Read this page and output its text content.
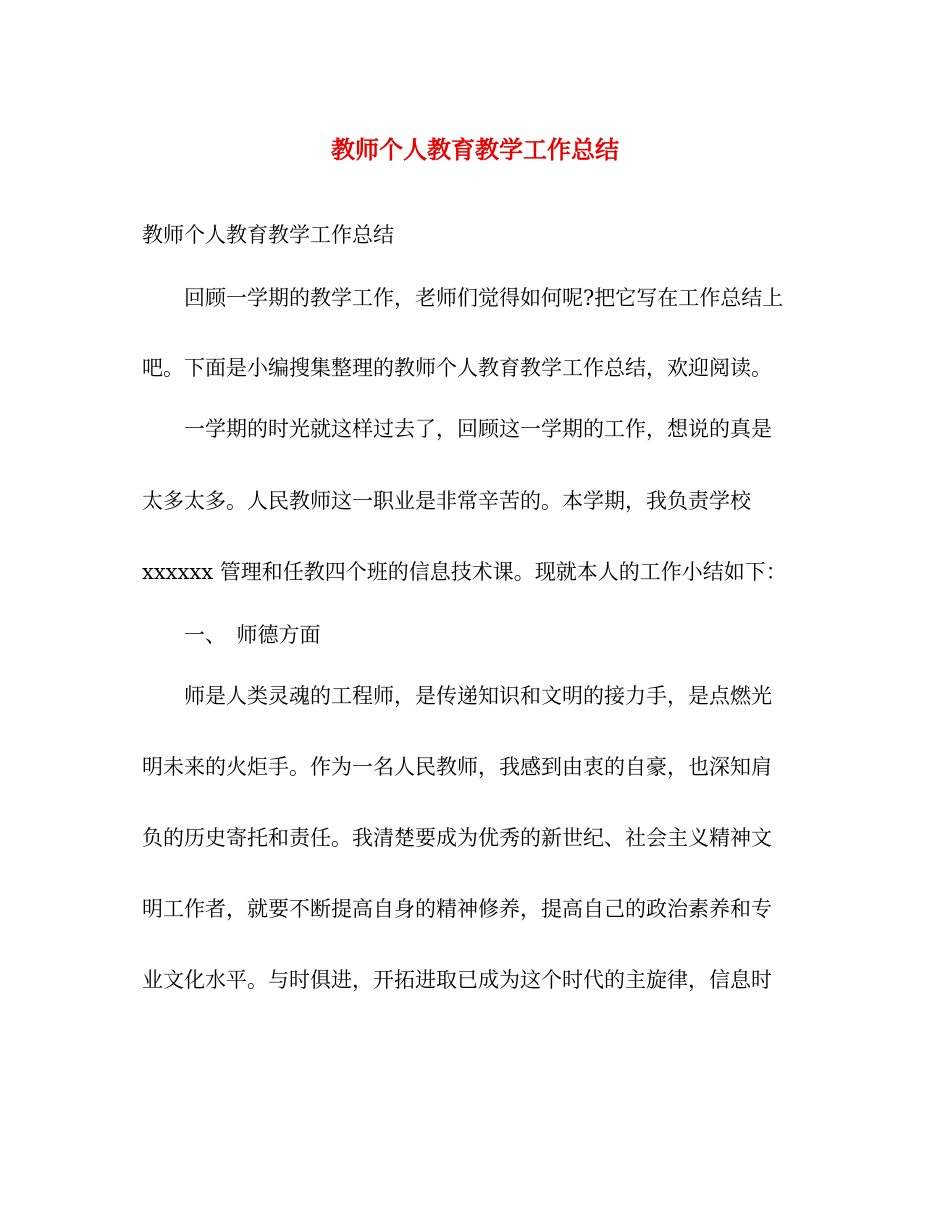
教师个人教育教学工作总结
教师个人教育教学工作总结
回顾一学期的教学工作，老师们觉得如何呢?把它写在工作总结上
吧。下面是小编搜集整理的教师个人教育教学工作总结，欢迎阅读。
一学期的时光就这样过去了，回顾这一学期的工作，想说的真是
太多太多。人民教师这一职业是非常辛苦的。本学期，我负责学校
xxxxxx 管理和任教四个班的信息技术课。现就本人的工作小结如下：
一、　师德方面
师是人类灵魂的工程师，是传递知识和文明的接力手，是点燃光
明未来的火炬手。作为一名人民教师，我感到由衷的自豪，也深知肩
负的历史寄托和责任。我清楚要成为优秀的新世纪、社会主义精神文
明工作者，就要不断提高自身的精神修养，提高自己的政治素养和专
业文化水平。与时俱进，开拓进取已成为这个时代的主旋律，信息时
